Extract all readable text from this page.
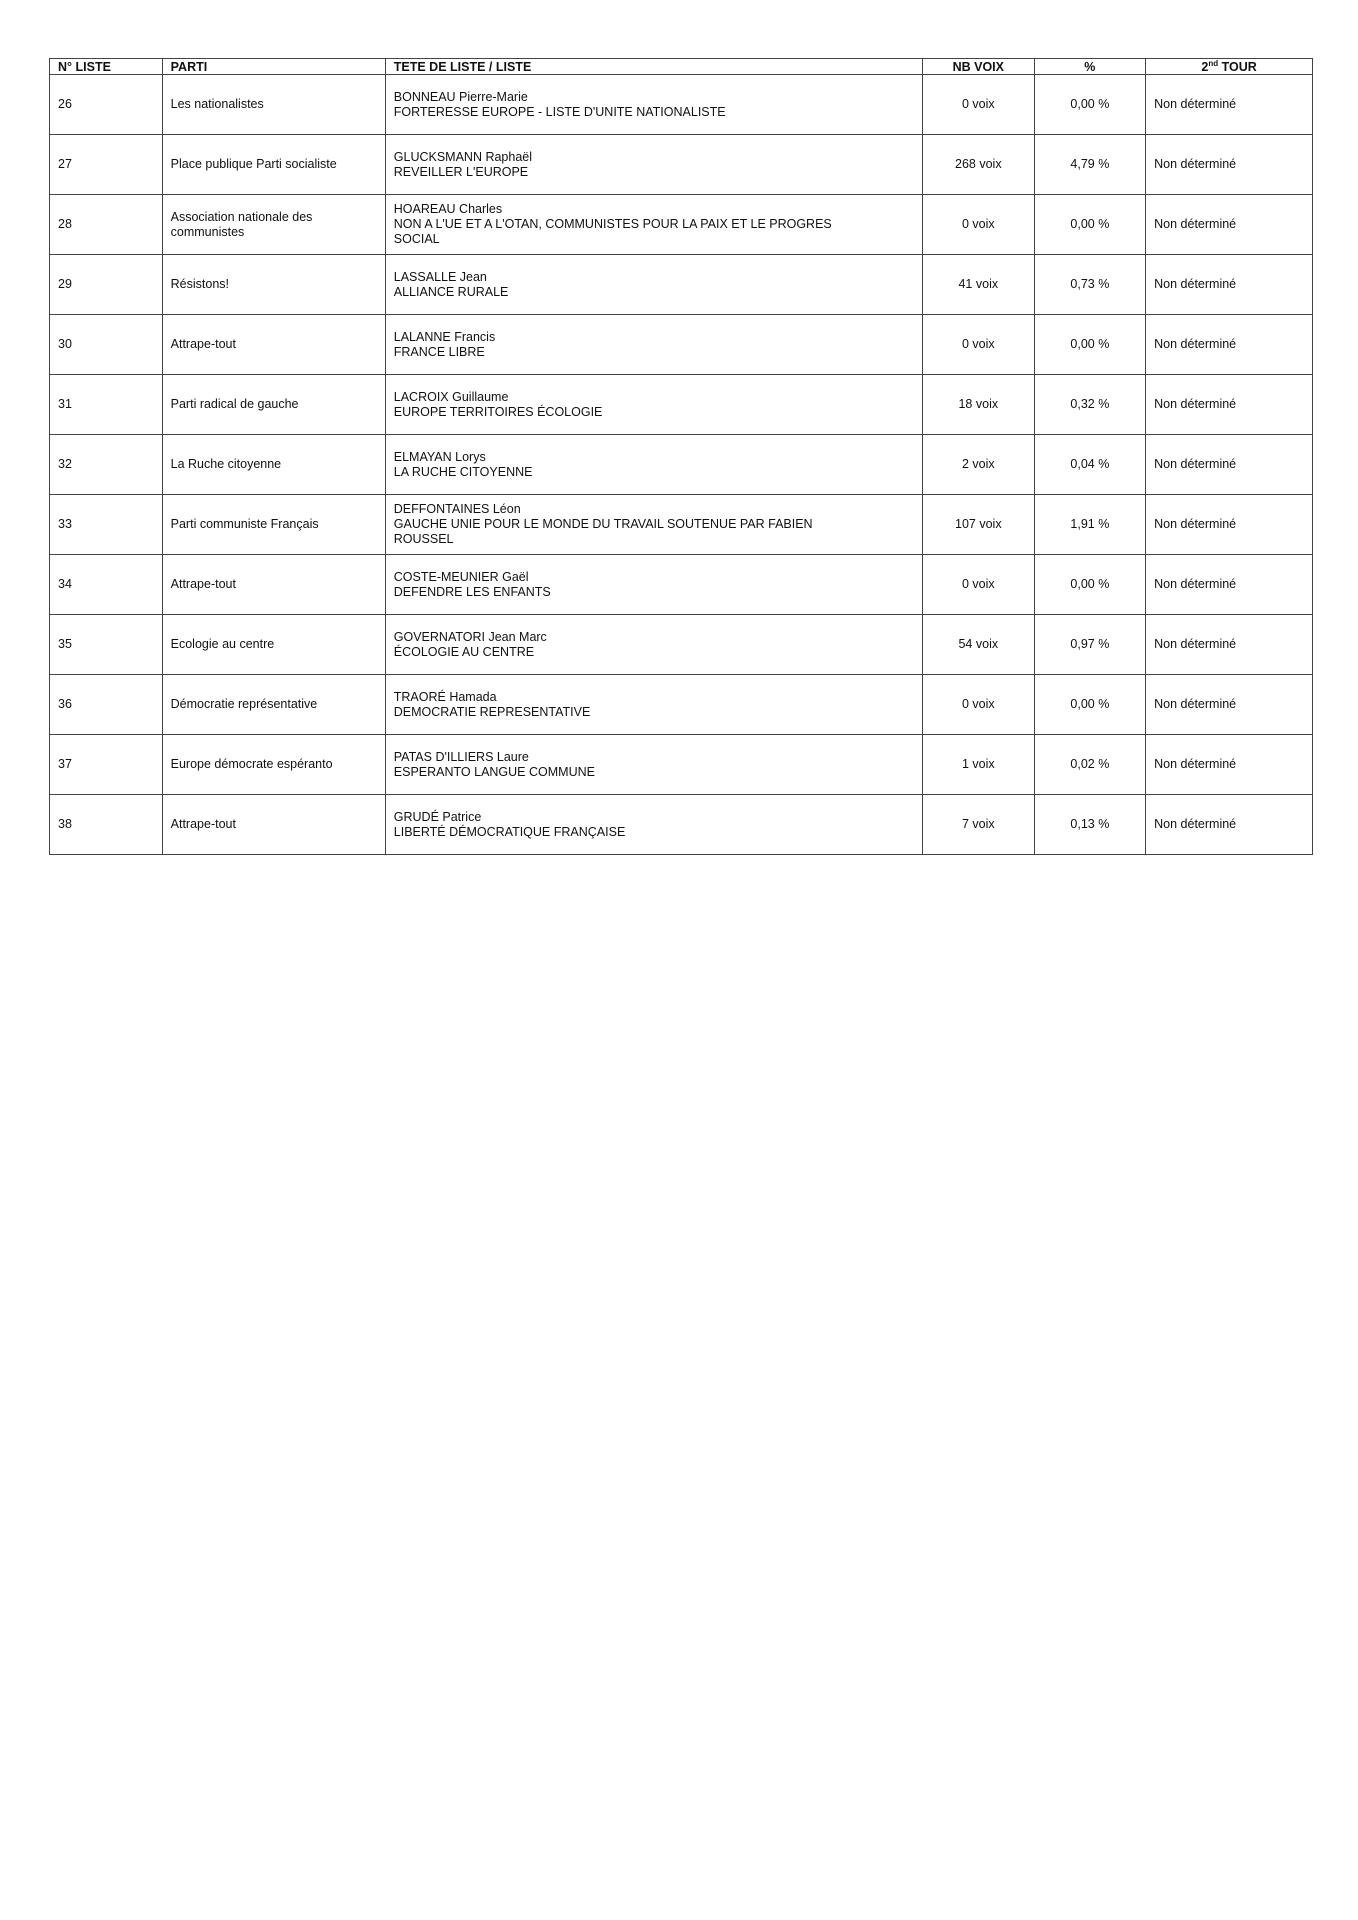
N° LISTE	PARTI	TETE DE LISTE / LISTE	NB VOIX	%	2nd TOUR
26	Les nationalistes	BONNEAU Pierre-Marie
FORTERESSE EUROPE - LISTE D'UNITE NATIONALISTE	0 voix	0,00 %	Non déterminé
27	Place publique Parti socialiste	GLUCKSMANN Raphaël
REVEILLER L'EUROPE	268 voix	4,79 %	Non déterminé
28	Association nationale des communistes	HOAREAU Charles
NON A L'UE ET A L'OTAN, COMMUNISTES POUR LA PAIX ET LE PROGRES
SOCIAL	0 voix	0,00 %	Non déterminé
29	Résistons!	LASSALLE Jean
ALLIANCE RURALE	41 voix	0,73 %	Non déterminé
30	Attrape-tout	LALANNE Francis
FRANCE LIBRE	0 voix	0,00 %	Non déterminé
31	Parti radical de gauche	LACROIX Guillaume
EUROPE TERRITOIRES ÉCOLOGIE	18 voix	0,32 %	Non déterminé
32	La Ruche citoyenne	ELMAYAN Lorys
LA RUCHE CITOYENNE	2 voix	0,04 %	Non déterminé
33	Parti communiste Français	DEFFONTAINES Léon
GAUCHE UNIE POUR LE MONDE DU TRAVAIL SOUTENUE PAR FABIEN
ROUSSEL	107 voix	1,91 %	Non déterminé
34	Attrape-tout	COSTE-MEUNIER Gaël
DEFENDRE LES ENFANTS	0 voix	0,00 %	Non déterminé
35	Ecologie au centre	GOVERNATORI Jean Marc
ÉCOLOGIE AU CENTRE	54 voix	0,97 %	Non déterminé
36	Démocratie représentative	TRAORÉ Hamada
DEMOCRATIE REPRESENTATIVE	0 voix	0,00 %	Non déterminé
37	Europe démocrate espéranto	PATAS D'ILLIERS Laure
ESPERANTO LANGUE COMMUNE	1 voix	0,02 %	Non déterminé
38	Attrape-tout	GRUDÉ Patrice
LIBERTÉ DÉMOCRATIQUE FRANÇAISE	7 voix	0,13 %	Non déterminé
